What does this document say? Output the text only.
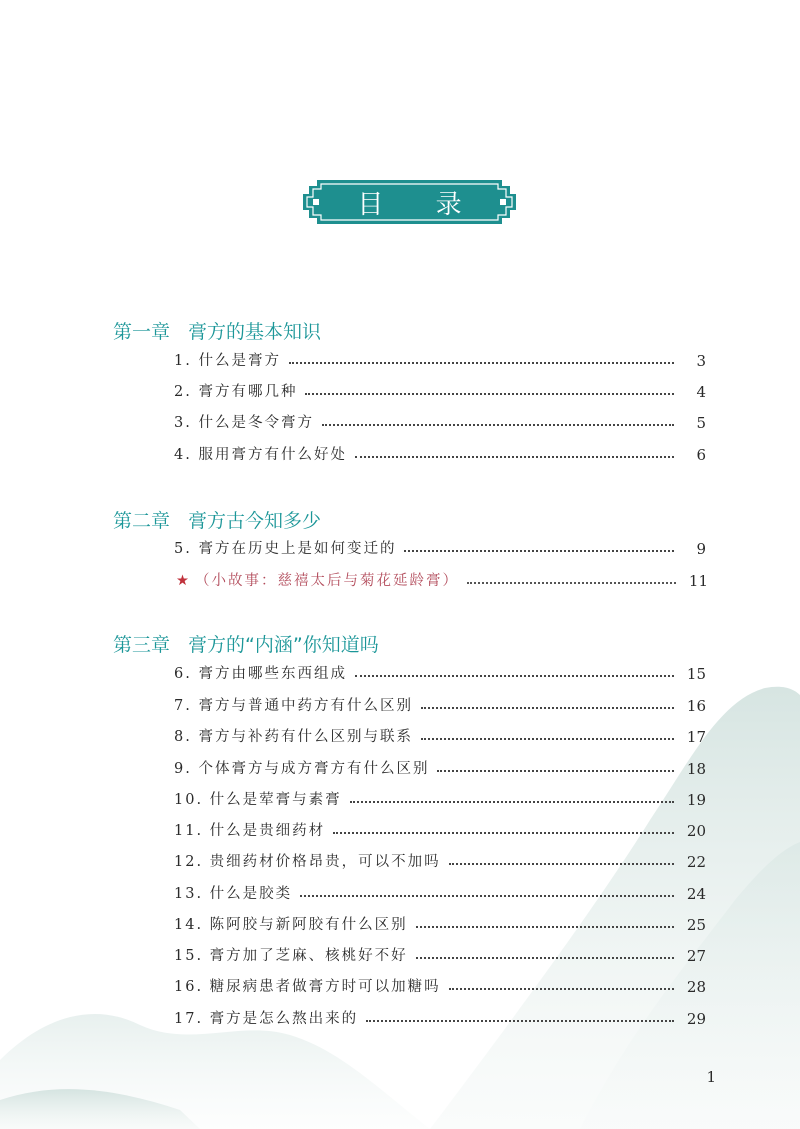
目 录
第一章 膏方的基本知识
1. 什么是膏方	3
2. 膏方有哪几种	4
3. 什么是冬令膏方	5
4. 服用膏方有什么好处	6
第二章 膏方古今知多少
5. 膏方在历史上是如何变迁的	9
★ （小故事：慈禧太后与菊花延龄膏）	11
第三章 膏方的“内涵”你知道吗
6. 膏方由哪些东西组成	15
7. 膏方与普通中药方有什么区别	16
8. 膏方与补药有什么区别与联系	17
9. 个体膏方与成方膏方有什么区别	18
10. 什么是荤膏与素膏	19
11. 什么是贵细药材	20
12. 贵细药材价格昂贵，可以不加吗	22
13. 什么是胶类	24
14. 陈阿胶与新阿胶有什么区别	25
15. 膏方加了芝麻、核桃好不好	27
16. 糖尿病患者做膏方时可以加糖吗	28
17. 膏方是怎么熬出来的	29
1
